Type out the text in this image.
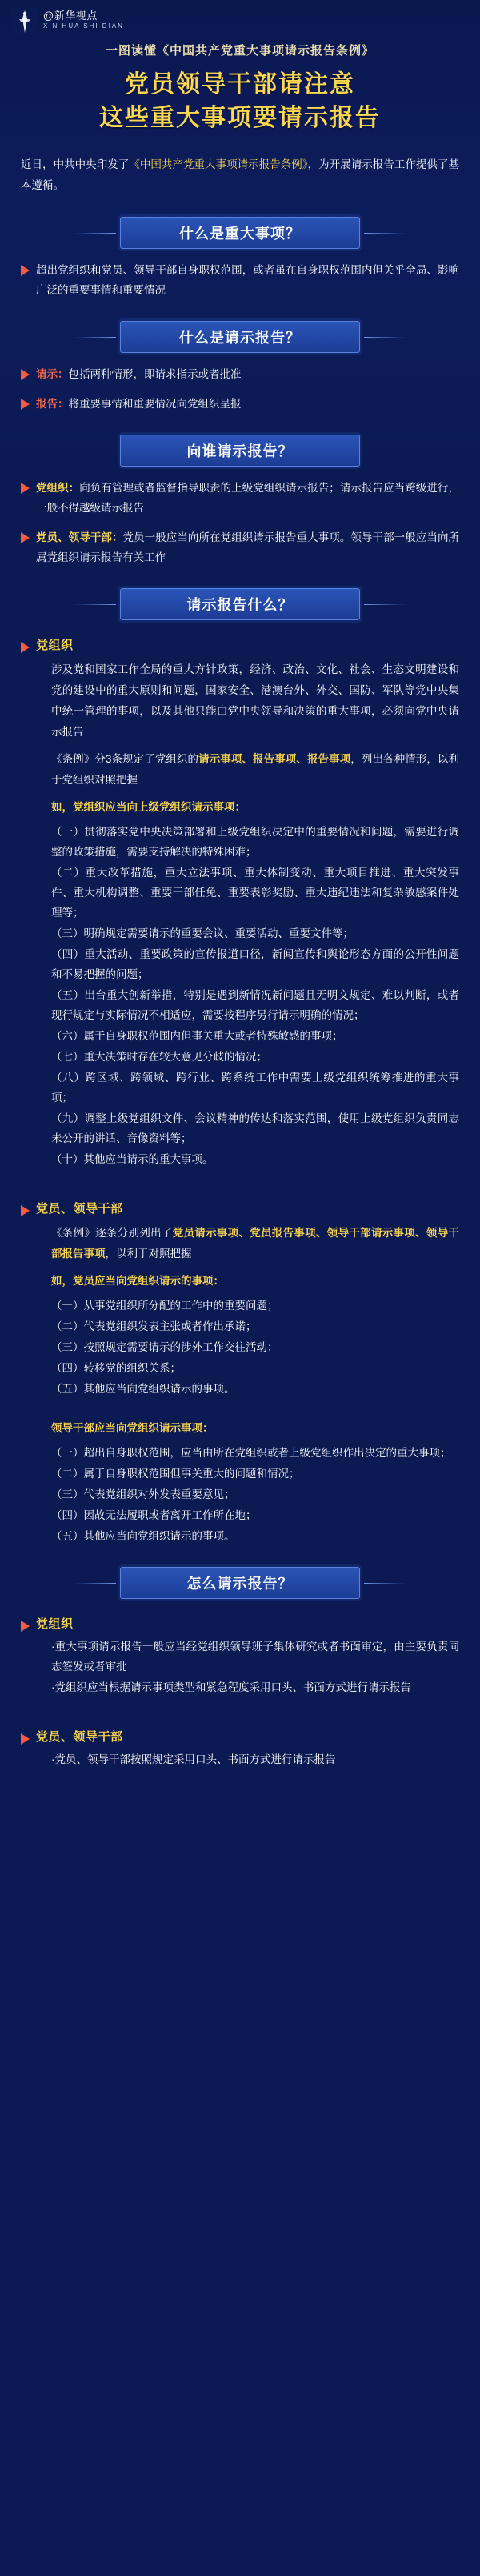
@新华视点
XIN HUA SHI DIAN
一图读懂《中国共产党重大事项请示报告条例》
党员领导干部请注意
这些重大事项要请示报告
近日，中共中央印发了《中国共产党重大事项请示报告条例》，为开展请示报告工作提供了基本遵循。
什么是重大事项？
超出党组织和党员、领导干部自身职权范围，或者虽在自身职权范围内但关乎全局、影响广泛的重要事情和重要情况
什么是请示报告？
请示：包括两种情形，即请求指示或者批准
报告：将重要事情和重要情况向党组织呈报
向谁请示报告？
党组织：向负有管理或者监督指导职责的上级党组织请示报告；请示报告应当跨级进行，一般不得越级请示报告
党员、领导干部：党员一般应当向所在党组织请示报告重大事项。领导干部一般应当向所属党组织请示报告有关工作
请示报告什么？
党组织
涉及党和国家工作全局的重大方针政策，经济、政治、文化、社会、生态文明建设和党的建设中的重大原则和问题，国家安全、港澳台外、外交、国防、军队等党中央集中统一管理的事项，以及其他只能由党中央领导和决策的重大事项，必须向党中央请示报告
《条例》分3条规定了党组织的请示事项、报告事项、报告事项，列出各种情形，以利于党组织对照把握
如，党组织应当向上级党组织请示事项：
（一）贯彻落实党中央决策部署和上级党组织决定中的重要情况和问题，需要进行调整的政策措施，需要支持解决的特殊困难；
（二）重大改革措施，重大立法事项、重大体制变动、重大项目推进、重大突发事件、重大机构调整、重要干部任免、重要表彰奖励、重大违纪违法和复杂敏感案件处理等；
（三）明确规定需要请示的重要会议、重要活动、重要文件等；
（四）重大活动、重要政策的宣传报道口径，新闻宣传和舆论形态方面的公开性问题和不易把握的问题；
（五）出台重大创新举措，特别是遇到新情况新问题且无明文规定、难以判断，或者现行规定与实际情况不相适应，需要按程序另行请示明确的情况；
（六）属于自身职权范围内但事关重大或者特殊敏感的事项；
（七）重大决策时存在较大意见分歧的情况；
（八）跨区域、跨领域、跨行业、跨系统工作中需要上级党组织统筹推进的重大事项；
（九）调整上级党组织文件、会议精神的传达和落实范围，使用上级党组织负责同志未公开的讲话、音像资料等；
（十）其他应当请示的重大事项。
党员、领导干部
《条例》逐条分别列出了党员请示事项、党员报告事项、领导干部请示事项、领导干部报告事项，以利于对照把握
如，党员应当向党组织请示的事项：
（一）从事党组织所分配的工作中的重要问题；
（二）代表党组织发表主张或者作出承诺；
（三）按照规定需要请示的涉外工作交往活动；
（四）转移党的组织关系；
（五）其他应当向党组织请示的事项。
领导干部应当向党组织请示事项：
（一）超出自身职权范围，应当由所在党组织或者上级党组织作出决定的重大事项；
（二）属于自身职权范围但事关重大的问题和情况；
（三）代表党组织对外发表重要意见；
（四）因故无法履职或者离开工作所在地；
（五）其他应当向党组织请示的事项。
怎么请示报告？
党组织
·重大事项请示报告一般应当经党组织领导班子集体研究或者书面审定，由主要负责同志签发或者审批
·党组织应当根据请示事项类型和紧急程度采用口头、书面方式进行请示报告
党员、领导干部
·党员、领导干部按照规定采用口头、书面方式进行请示报告
